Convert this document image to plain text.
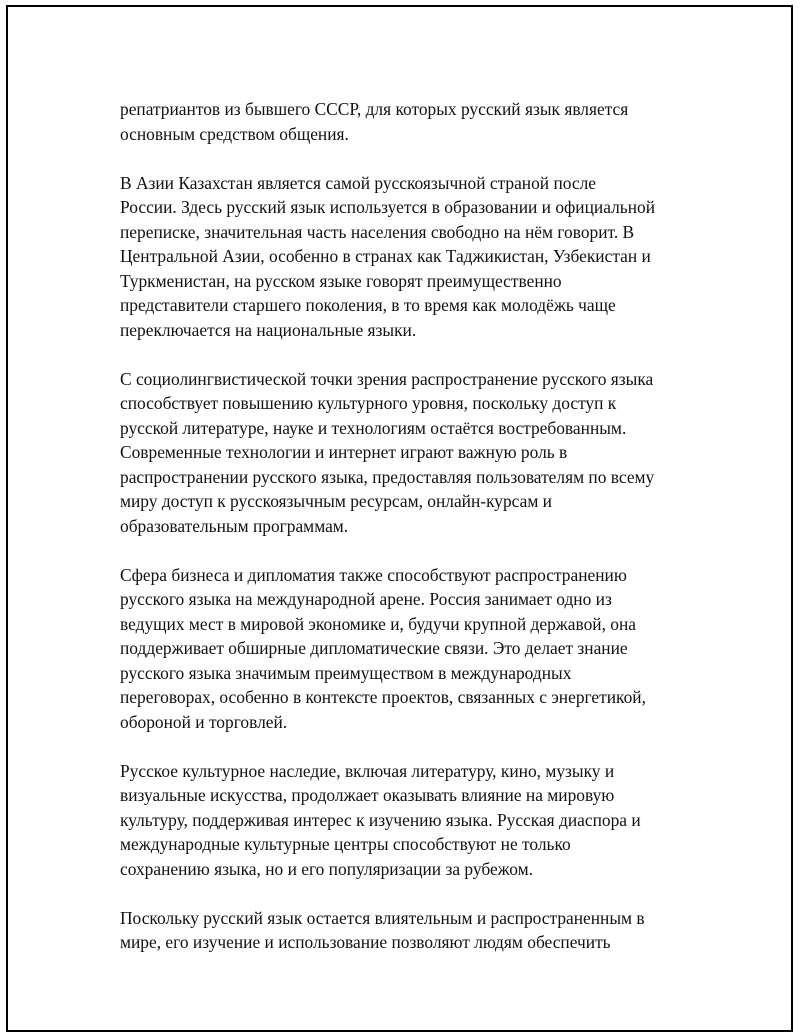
репатриантов из бывшего СССР, для которых русский язык является
основным средством общения.

В Азии Казахстан является самой русскоязычной страной после
России. Здесь русский язык используется в образовании и официальной
переписке, значительная часть населения свободно на нём говорит. В
Центральной Азии, особенно в странах как Таджикистан, Узбекистан и
Туркменистан, на русском языке говорят преимущественно
представители старшего поколения, в то время как молодёжь чаще
переключается на национальные языки.

С социолингвистической точки зрения распространение русского языка
способствует повышению культурного уровня, поскольку доступ к
русской литературе, науке и технологиям остаётся востребованным.
Современные технологии и интернет играют важную роль в
распространении русского языка, предоставляя пользователям по всему
миру доступ к русскоязычным ресурсам, онлайн-курсам и
образовательным программам.

Сфера бизнеса и дипломатия также способствуют распространению
русского языка на международной арене. Россия занимает одно из
ведущих мест в мировой экономике и, будучи крупной державой, она
поддерживает обширные дипломатические связи. Это делает знание
русского языка значимым преимуществом в международных
переговорах, особенно в контексте проектов, связанных с энергетикой,
обороной и торговлей.

Русское культурное наследие, включая литературу, кино, музыку и
визуальные искусства, продолжает оказывать влияние на мировую
культуру, поддерживая интерес к изучению языка. Русская диаспора и
международные культурные центры способствуют не только
сохранению языка, но и его популяризации за рубежом.

Поскольку русский язык остается влиятельным и распространенным в
мире, его изучение и использование позволяют людям обеспечить
